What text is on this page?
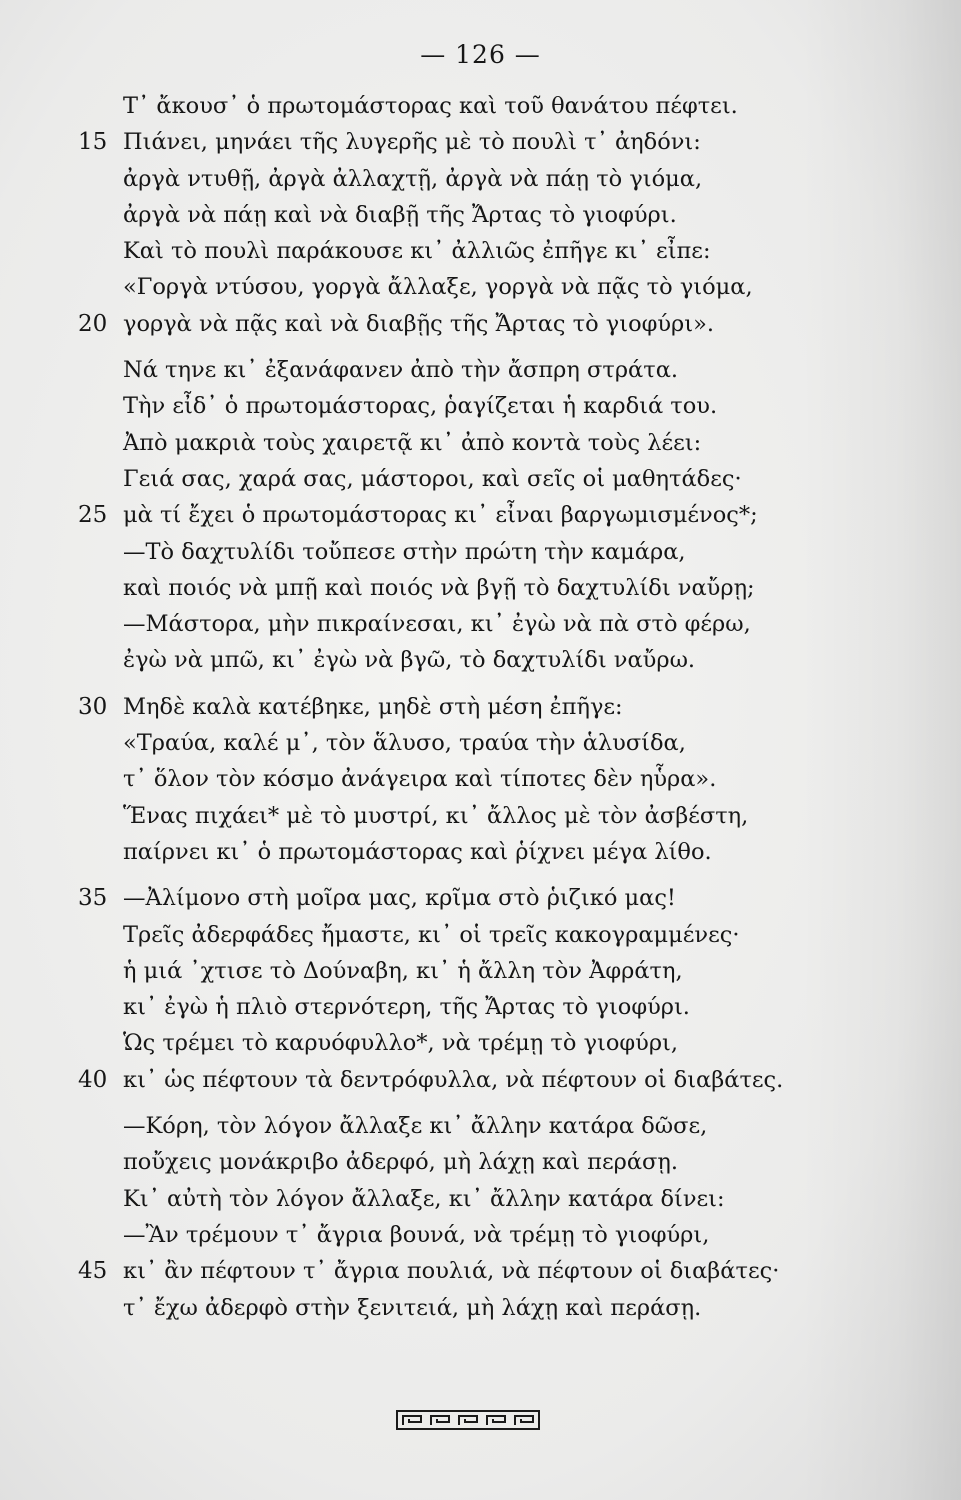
— 126 —
Τ᾽ ἄκουσ᾽ ὁ πρωτομάστορας καὶ τοῦ θανάτου πέφτει.
15 Πιάνει, μηνάει τῆς λυγερῆς μὲ τὸ πουλὶ τ᾽ ἀηδόνι:
ἀργὰ ντυθῇ, ἀργὰ ἀλλαχτῇ, ἀργὰ νὰ πάῃ τὸ γιόμα,
ἀργὰ νὰ πάῃ καὶ νὰ διαβῇ τῆς Ἄρτας τὸ γιοφύρι.
Καὶ τὸ πουλὶ παράκουσε κι᾽ ἀλλιῶς ἐπῆγε κι᾽ εἶπε:
«Γοργὰ ντύσου, γοργὰ ἄλλαξε, γοργὰ νὰ πᾷς τὸ γιόμα,
20 γοργὰ νὰ πᾷς καὶ νὰ διαβῇς τῆς Ἄρτας τὸ γιοφύρι».
Νά τηνε κι᾽ ἐξανάφανεν ἀπὸ τὴν ἄσπρη στράτα.
Τὴν εἶδ᾽ ὁ πρωτομάστορας, ῥαγίζεται ἡ καρδιά του.
Ἀπὸ μακριὰ τοὺς χαιρετᾷ κι᾽ ἀπὸ κοντὰ τοὺς λέει:
Γειά σας, χαρά σας, μάστοροι, καὶ σεῖς οἱ μαθητάδες·
25 μὰ τί ἔχει ὁ πρωτομάστορας κι᾽ εἶναι βαργωμισμένος*;
—Τὸ δαχτυλίδι τοὔπεσε στὴν πρώτη τὴν καμάρα,
καὶ ποιός νὰ μπῇ καὶ ποιός νὰ βγῇ τὸ δαχτυλίδι ναὔρῃ;
—Μάστορα, μὴν πικραίνεσαι, κι᾽ ἐγὼ νὰ πὰ στὸ φέρω,
ἐγὼ νὰ μπῶ, κι᾽ ἐγὼ νὰ βγῶ, τὸ δαχτυλίδι ναὔρω.
30 Μηδὲ καλὰ κατέβηκε, μηδὲ στὴ μέση ἐπῆγε:
«Τραύα, καλέ μ᾽, τὸν ἅλυσο, τραύα τὴν ἁλυσίδα,
τ᾽ ὅλον τὸν κόσμο ἀνάγειρα καὶ τίποτες δὲν ηὗρα».
Ἕνας πιχάει* μὲ τὸ μυστρί, κι᾽ ἄλλος μὲ τὸν ἀσβέστη,
παίρνει κι᾽ ὁ πρωτομάστορας καὶ ῥίχνει μέγα λίθο.
35 —Ἀλίμονο στὴ μοῖρα μας, κρῖμα στὸ ῥιζικό μας!
Τρεῖς ἀδερφάδες ἤμαστε, κι᾽ οἱ τρεῖς κακογραμμένες·
ἡ μιά ᾽χτισε τὸ Δούναβη, κι᾽ ἡ ἄλλη τὸν Ἀφράτη,
κι᾽ ἐγὼ ἡ πλιὸ στερνότερη, τῆς Ἄρτας τὸ γιοφύρι.
Ὡς τρέμει τὸ καρυόφυλλο*, νὰ τρέμῃ τὸ γιοφύρι,
40 κι᾽ ὡς πέφτουν τὰ δεντρόφυλλα, νὰ πέφτουν οἱ διαβάτες.
—Κόρη, τὸν λόγον ἄλλαξε κι᾽ ἄλλην κατάρα δῶσε,
ποὔχεις μονάκριβο ἀδερφό, μὴ λάχῃ καὶ περάσῃ.
Κι᾽ αὐτὴ τὸν λόγον ἄλλαξε, κι᾽ ἄλλην κατάρα δίνει:
—Ἂν τρέμουν τ᾽ ἄγρια βουνά, νὰ τρέμῃ τὸ γιοφύρι,
45 κι᾽ ἂν πέφτουν τ᾽ ἄγρια πουλιά, νὰ πέφτουν οἱ διαβάτες·
τ᾽ ἔχω ἀδερφὸ στὴν ξενιτειά, μὴ λάχῃ καὶ περάσῃ.
